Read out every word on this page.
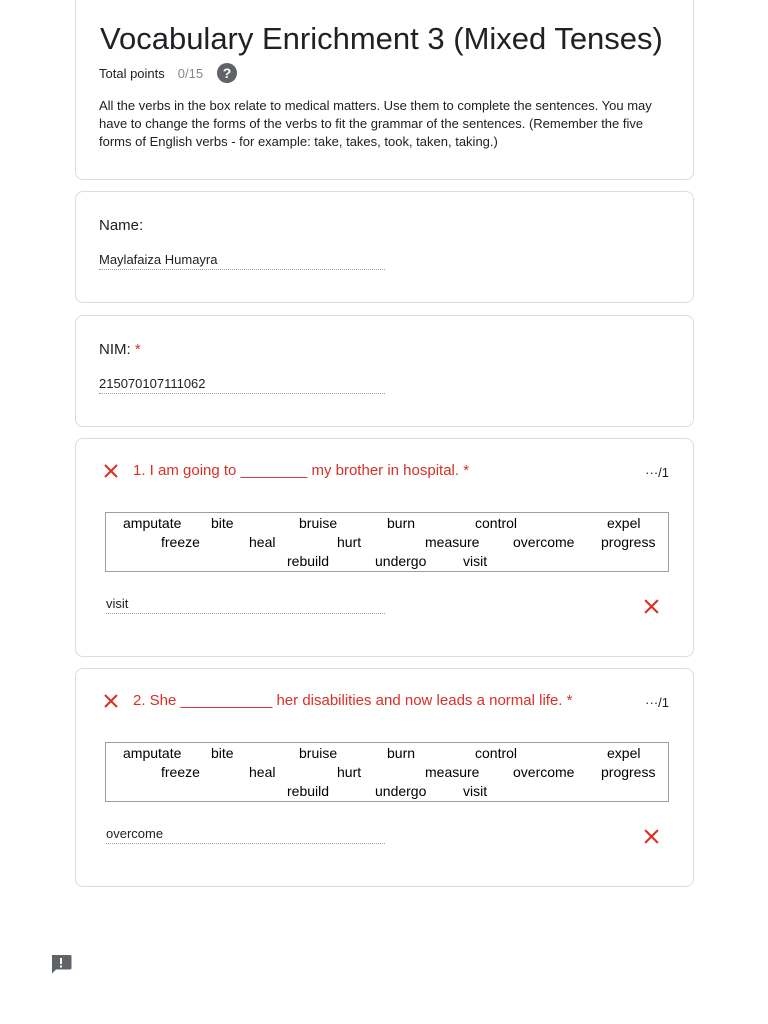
Vocabulary Enrichment 3 (Mixed Tenses)
Total points 0/15 ?

All the verbs in the box relate to medical matters. Use them to complete the sentences. You may have to change the forms of the verbs to fit the grammar of the sentences. (Remember the five forms of English verbs - for example: take, takes, took, taken, taking.)

Name:
Maylafaiza Humayra
NIM: *
215070107111062
1. I am going to ________ my brother in hospital. *	···/1
amputate bite	bruise	burn	control	expel
freeze	heal	hurt	measure overcome progress
rebuild	undergo	visit
visit
2. She ___________ her disabilities and now leads a normal life. *	···/1
amputate bite	bruise	burn	control	expel
freeze	heal	hurt	measure overcome progress
rebuild	undergo	visit
overcome
